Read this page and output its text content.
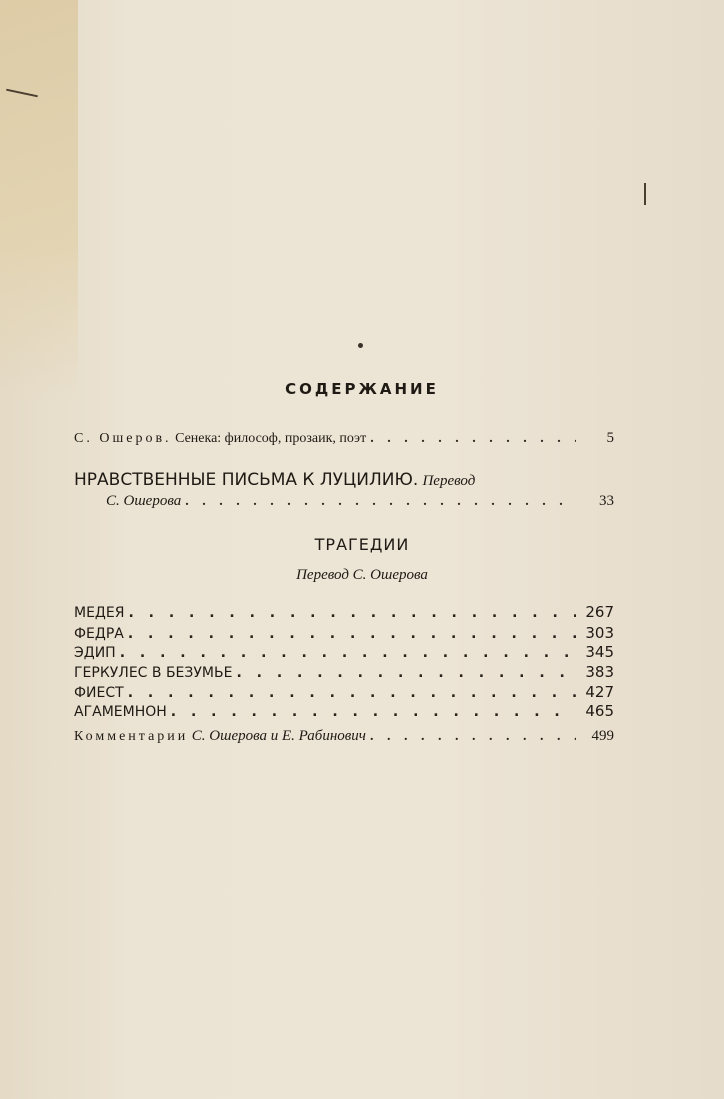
СОДЕРЖАНИЕ
С. Ошеров. Сенека: философ, прозаик, поэт . . .	5
НРАВСТВЕННЫЕ ПИСЬМА К ЛУЦИЛИЮ. Перевод
С. Ошерова . . .	33
ТРАГЕДИИ
Перевод С. Ошерова
МЕДЕЯ . . .	267
ФЕДРА . . .	303
ЭДИП . . .	345
ГЕРКУЛЕС В БЕЗУМЬЕ . . .	383
ФИЕСТ . . .	427
АГАМЕМНОН . . .	465
Комментарии С. Ошерова и Е. Рабинович . . .	499
